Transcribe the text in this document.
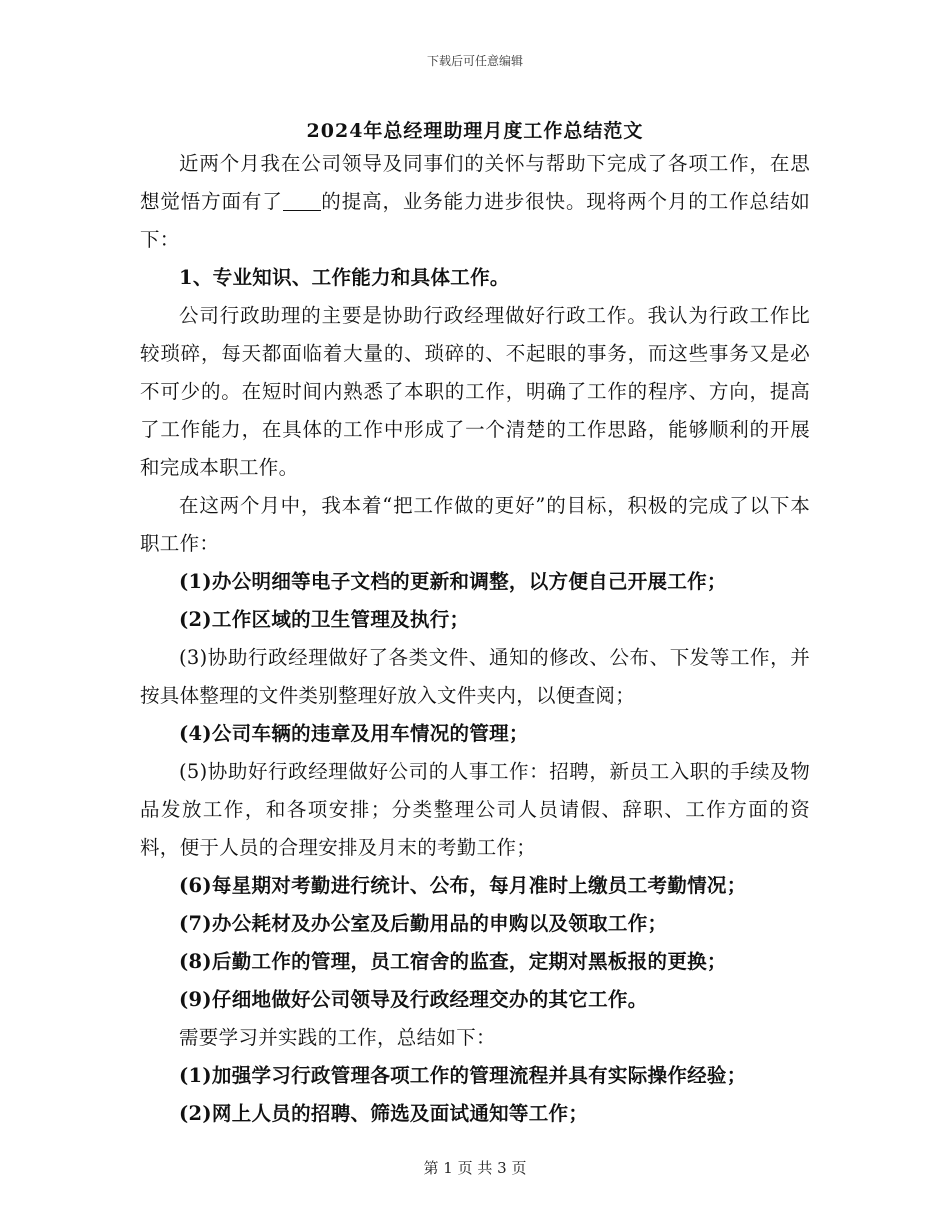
下载后可任意编辑
2024年总经理助理月度工作总结范文

近两个月我在公司领导及同事们的关怀与帮助下完成了各项工作，在思想觉悟方面有了 的提高，业务能力进步很快。现将两个月的工作总结如下：

1、专业知识、工作能力和具体工作。

公司行政助理的主要是协助行政经理做好行政工作。我认为行政工作比较琐碎，每天都面临着大量的、琐碎的、不起眼的事务，而这些事务又是必不可少的。在短时间内熟悉了本职的工作，明确了工作的程序、方向，提高了工作能力，在具体的工作中形成了一个清楚的工作思路，能够顺利的开展和完成本职工作。

在这两个月中，我本着“把工作做的更好”的目标，积极的完成了以下本职工作：

(1)办公明细等电子文档的更新和调整，以方便自己开展工作；

(2)工作区域的卫生管理及执行；

(3)协助行政经理做好了各类文件、通知的修改、公布、下发等工作，并按具体整理的文件类别整理好放入文件夹内，以便查阅；

(4)公司车辆的违章及用车情况的管理；

(5)协助好行政经理做好公司的人事工作：招聘，新员工入职的手续及物品发放工作，和各项安排；分类整理公司人员请假、辞职、工作方面的资料，便于人员的合理安排及月末的考勤工作；

(6)每星期对考勤进行统计、公布，每月准时上缴员工考勤情况；

(7)办公耗材及办公室及后勤用品的申购以及领取工作；

(8)后勤工作的管理，员工宿舍的监查，定期对黑板报的更换；

(9)仔细地做好公司领导及行政经理交办的其它工作。

需要学习并实践的工作，总结如下：

(1)加强学习行政管理各项工作的管理流程并具有实际操作经验；

(2)网上人员的招聘、筛选及面试通知等工作；

第 1 页 共 3 页
